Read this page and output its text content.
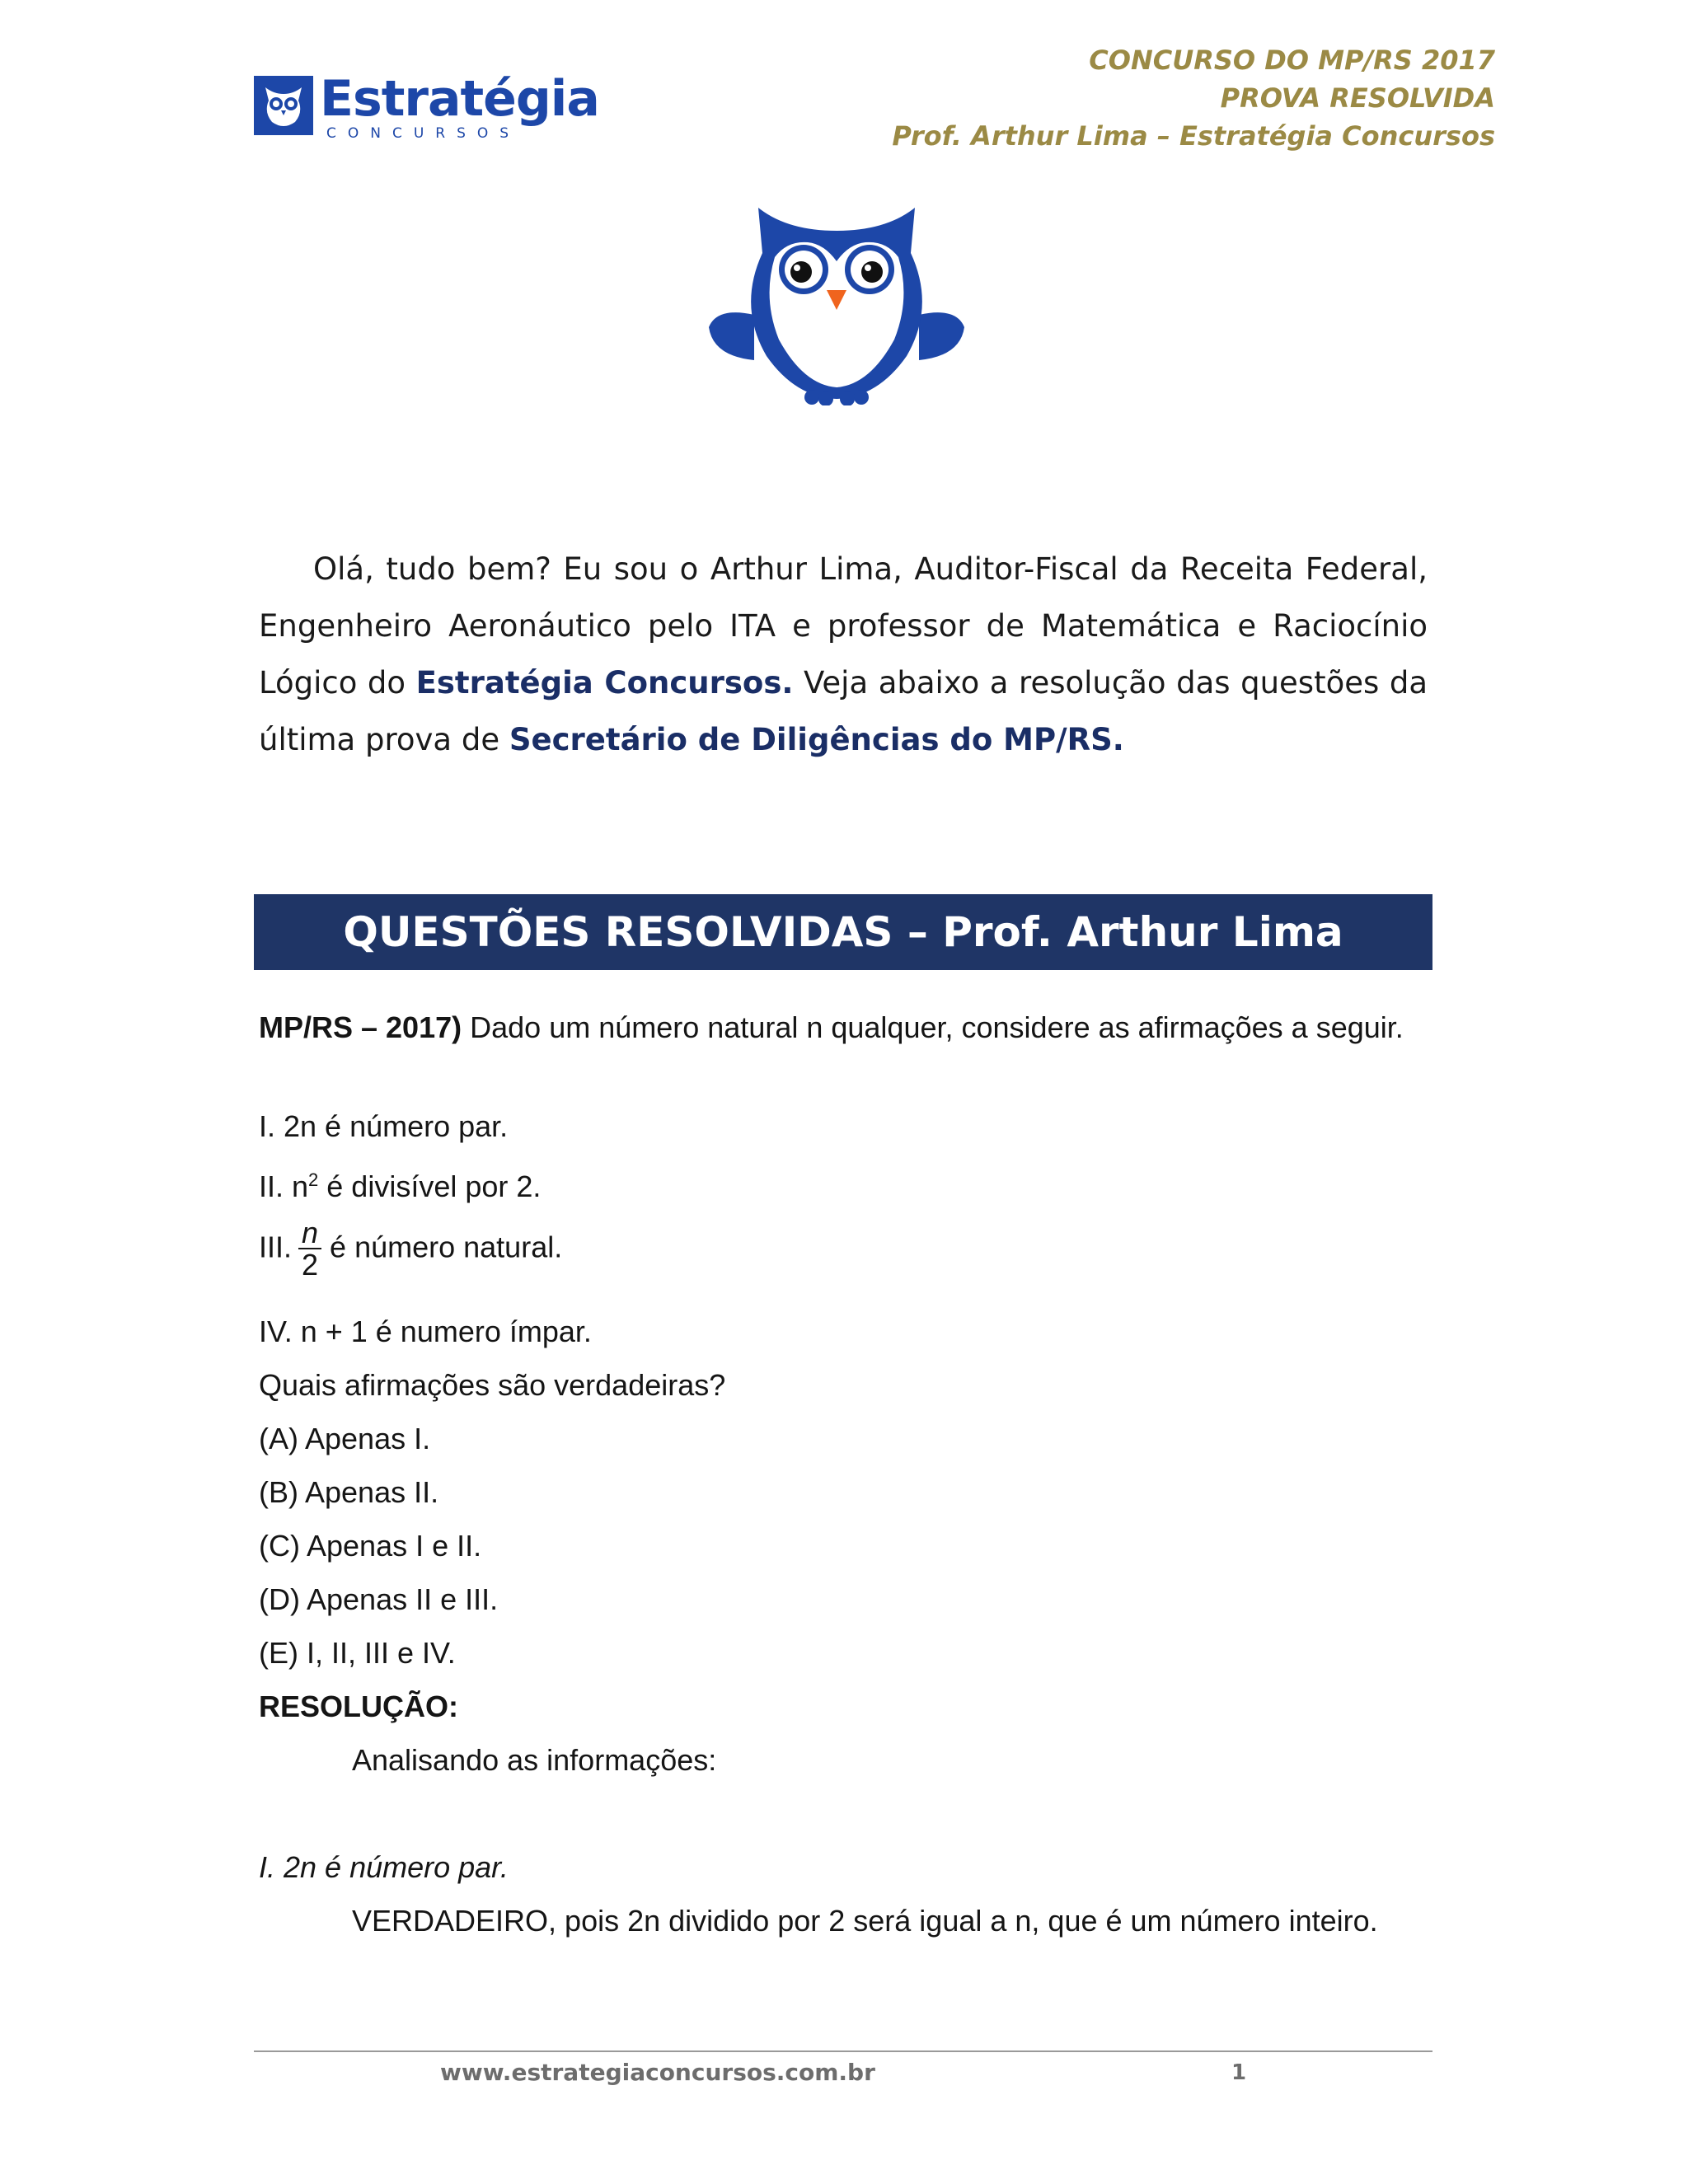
Estratégia
CONCURSOS
CONCURSO DO MP/RS 2017
PROVA RESOLVIDA
Prof. Arthur Lima – Estratégia Concursos
Olá, tudo bem? Eu sou o Arthur Lima, Auditor-Fiscal da Receita Federal, Engenheiro Aeronáutico pelo ITA e professor de Matemática e Raciocínio Lógico do Estratégia Concursos. Veja abaixo a resolução das questões da última prova de Secretário de Diligências do MP/RS.
QUESTÕES RESOLVIDAS – Prof. Arthur Lima
MP/RS – 2017) Dado um número natural n qualquer, considere as afirmações a seguir.
I. 2n é número par.
II. $n^2$ é divisível por 2.
III. $\frac{n}{2}$ é número natural.
IV. n + 1 é numero ímpar.
Quais afirmações são verdadeiras?
(A) Apenas I.
(B) Apenas II.
(C) Apenas I e II.
(D) Apenas II e III.
(E) I, II, III e IV.
RESOLUÇÃO:
Analisando as informações:
I. 2n é número par.
VERDADEIRO, pois 2n dividido por 2 será igual a n, que é um número inteiro.
www.estrategiaconcursos.com.br	1
